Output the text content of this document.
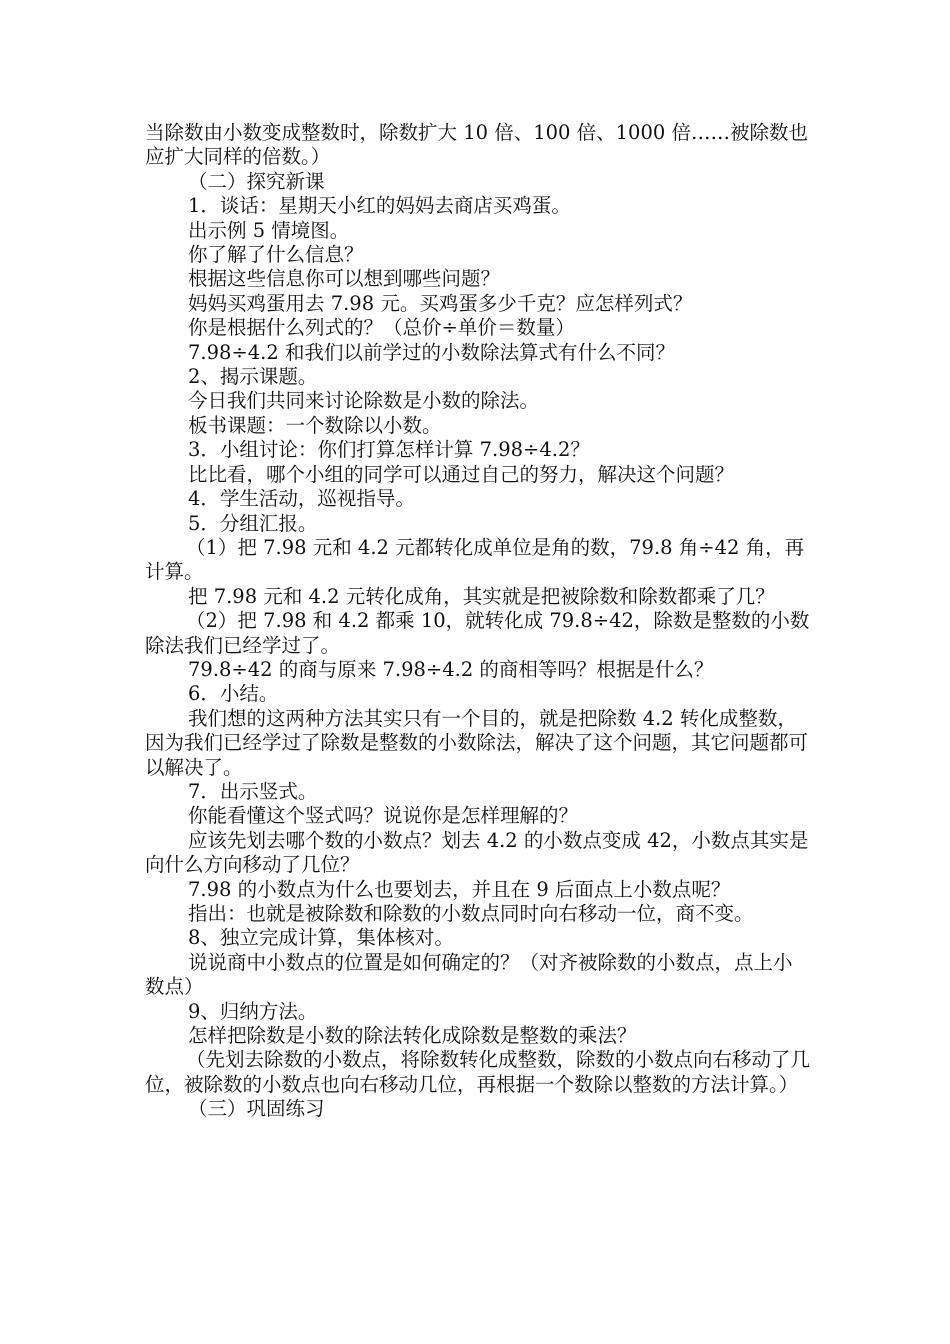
当除数由小数变成整数时，除数扩大 10 倍、100 倍、1000 倍……被除数也应扩大同样的倍数。）

（二）探究新课

1．谈话：星期天小红的妈妈去商店买鸡蛋。

出示例 5 情境图。

你了解了什么信息？

根据这些信息你可以想到哪些问题？

妈妈买鸡蛋用去 7.98 元。买鸡蛋多少千克？应怎样列式？

你是根据什么列式的？（总价÷单价＝数量）

7.98÷4.2 和我们以前学过的小数除法算式有什么不同？

2、揭示课题。

今日我们共同来讨论除数是小数的除法。

板书课题：一个数除以小数。

3．小组讨论：你们打算怎样计算 7.98÷4.2？

比比看，哪个小组的同学可以通过自己的努力，解决这个问题？

4．学生活动，巡视指导。

5．分组汇报。

（1）把 7.98 元和 4.2 元都转化成单位是角的数，79.8 角÷42 角，再计算。

把 7.98 元和 4.2 元转化成角，其实就是把被除数和除数都乘了几？

（2）把 7.98 和 4.2 都乘 10，就转化成 79.8÷42，除数是整数的小数除法我们已经学过了。

79.8÷42 的商与原来 7.98÷4.2 的商相等吗？根据是什么？

6．小结。

我们想的这两种方法其实只有一个目的，就是把除数 4.2 转化成整数，因为我们已经学过了除数是整数的小数除法，解决了这个问题，其它问题都可以解决了。

7．出示竖式。

你能看懂这个竖式吗？说说你是怎样理解的？

应该先划去哪个数的小数点？划去 4.2 的小数点变成 42，小数点其实是向什么方向移动了几位？

7.98 的小数点为什么也要划去，并且在 9 后面点上小数点呢？

指出：也就是被除数和除数的小数点同时向右移动一位，商不变。

8、独立完成计算，集体核对。

说说商中小数点的位置是如何确定的？（对齐被除数的小数点，点上小数点）

9、归纳方法。

怎样把除数是小数的除法转化成除数是整数的乘法？

（先划去除数的小数点，将除数转化成整数，除数的小数点向右移动了几位，被除数的小数点也向右移动几位，再根据一个数除以整数的方法计算。）

（三）巩固练习
